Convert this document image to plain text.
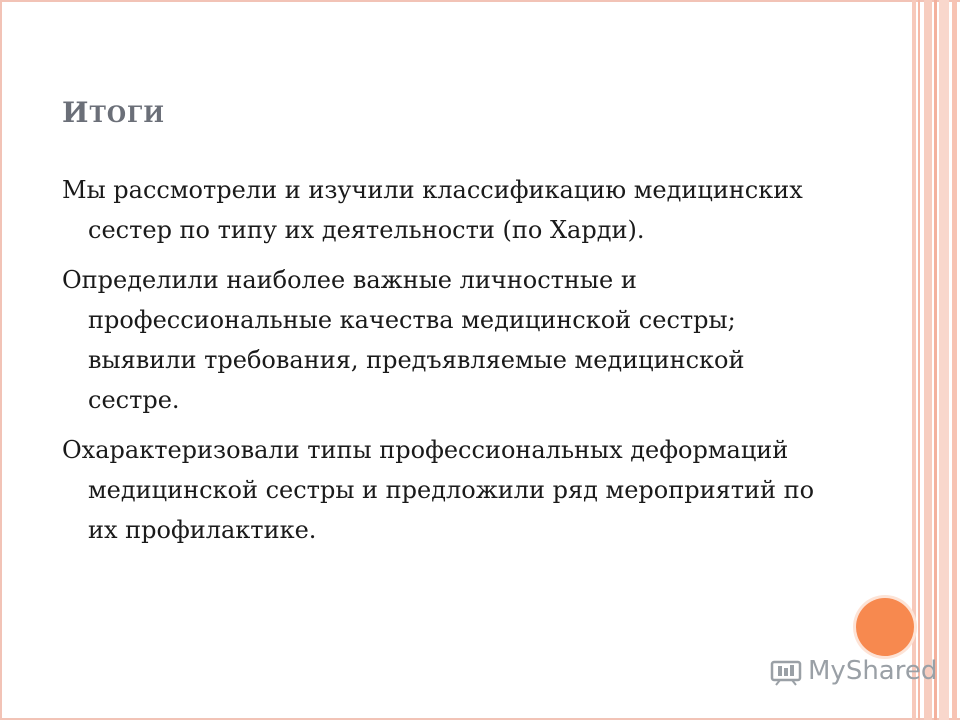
ИТОГИ

Мы рассмотрели и изучили классификацию медицинских сестер по типу их деятельности (по Харди).

Определили наиболее важные личностные и профессиональные качества медицинской сестры; выявили требования, предъявляемые медицинской сестре.

Охарактеризовали типы профессиональных деформаций медицинской сестры и предложили ряд мероприятий по их профилактике.

MyShared
